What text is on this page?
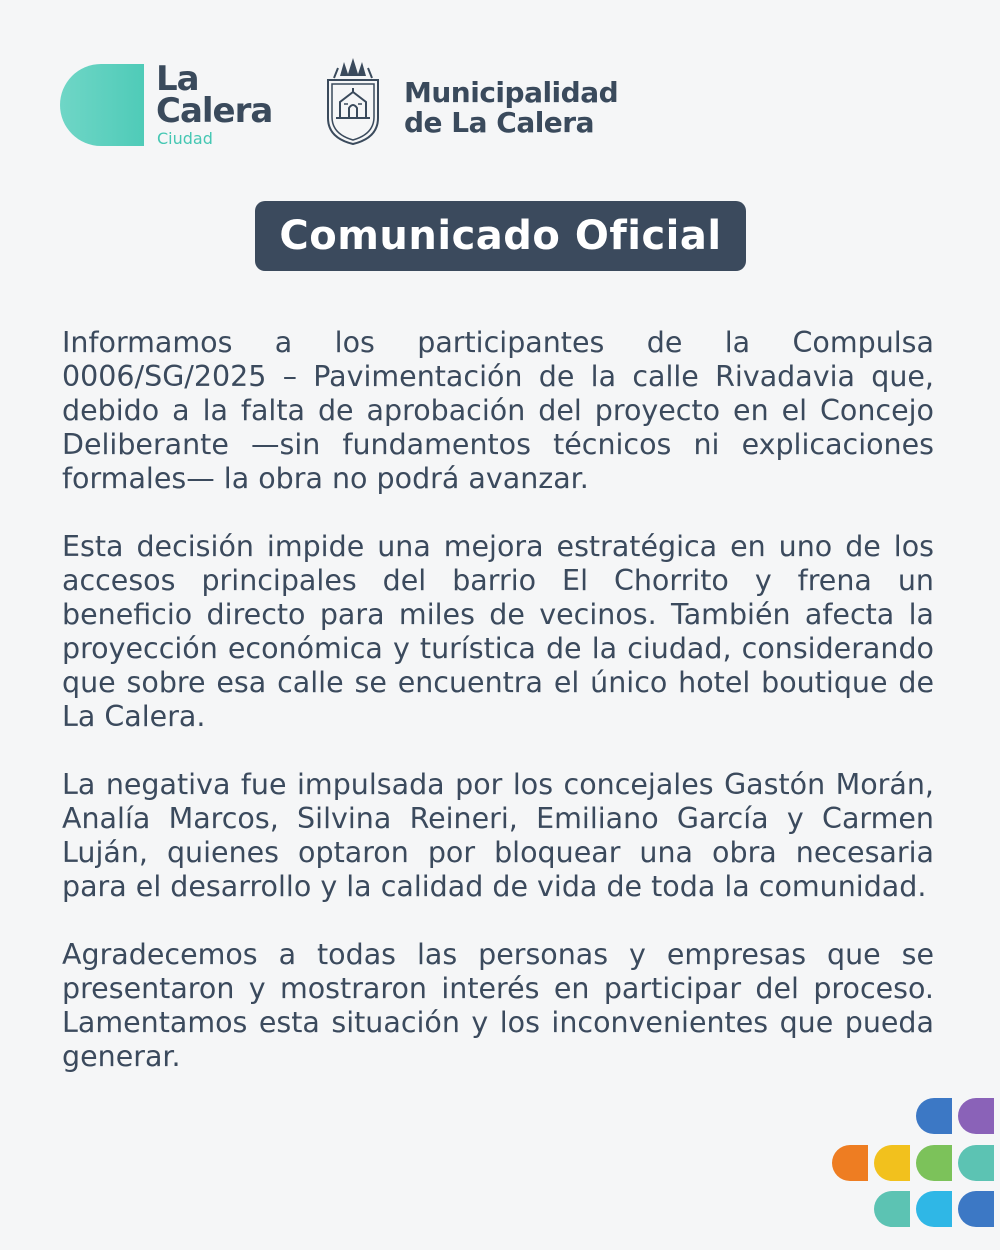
La
Calera
Ciudad
Municipalidad
de La Calera
Comunicado Oficial

Informamos a los participantes de la Compulsa 0006/SG/2025 – Pavimentación de la calle Rivadavia que, debido a la falta de aprobación del proyecto en el Concejo Deliberante —sin fundamentos técnicos ni explicaciones formales— la obra no podrá avanzar.

Esta decisión impide una mejora estratégica en uno de los accesos principales del barrio El Chorrito y frena un beneficio directo para miles de vecinos. También afecta la proyección económica y turística de la ciudad, considerando que sobre esa calle se encuentra el único hotel boutique de La Calera.

La negativa fue impulsada por los concejales Gastón Morán, Analía Marcos, Silvina Reineri, Emiliano García y Carmen Luján, quienes optaron por bloquear una obra necesaria para el desarrollo y la calidad de vida de toda la comunidad.

Agradecemos a todas las personas y empresas que se presentaron y mostraron interés en participar del proceso. Lamentamos esta situación y los inconvenientes que pueda generar.
